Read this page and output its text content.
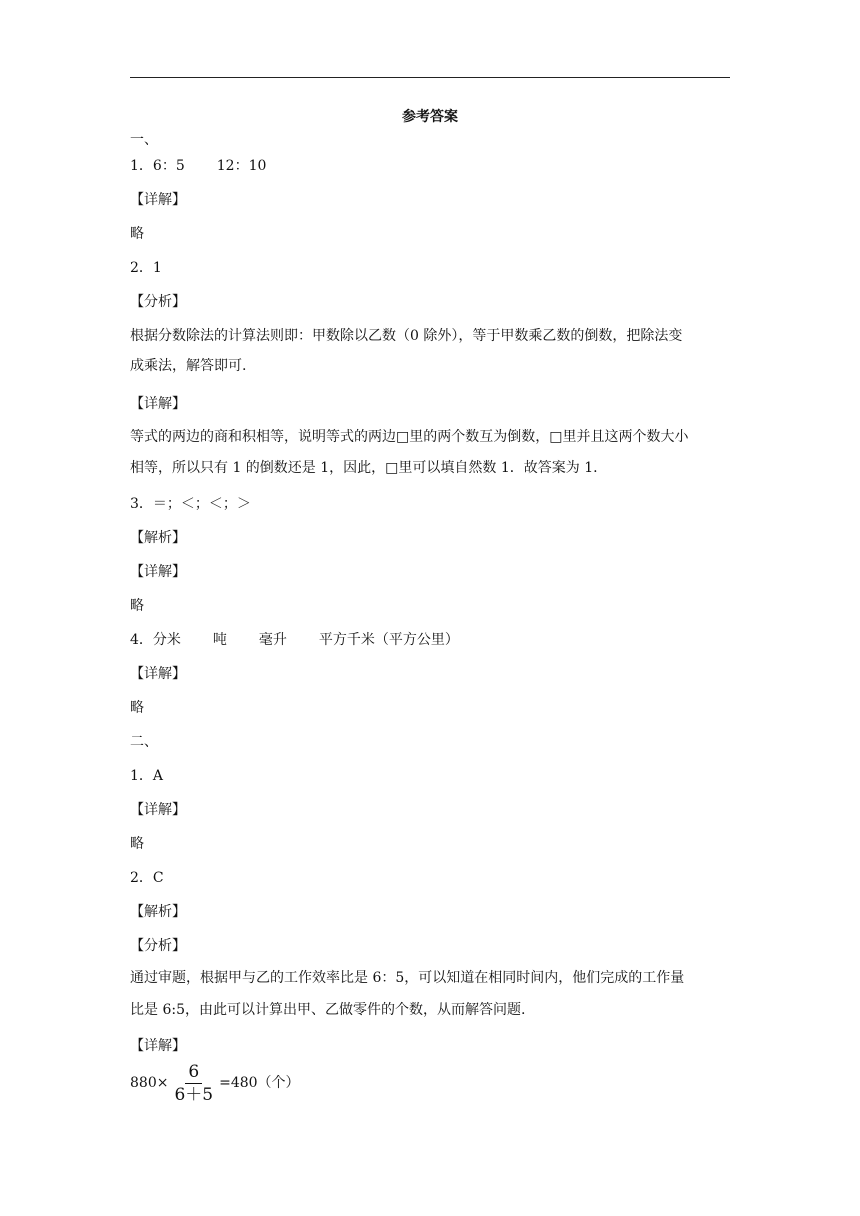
参考答案
一、
1．6：5 12：10
【详解】
略
2．1
【分析】
根据分数除法的计算法则即：甲数除以乙数（0 除外），等于甲数乘乙数的倒数，把除法变
成乘法，解答即可.
【详解】
等式的两边的商和积相等，说明等式的两边□里的两个数互为倒数，□里并且这两个数大小
相等，所以只有 1 的倒数还是 1，因此，□里可以填自然数 1．故答案为 1.
3．＝；＜；＜；＞
【解析】
【详解】
略
4．分米 吨 毫升 平方千米（平方公里）
【详解】
略
二、
1．A
【详解】
略
2．C
【解析】
【分析】
通过审题，根据甲与乙的工作效率比是 6：5，可以知道在相同时间内，他们完成的工作量
比是 6:5，由此可以计算出甲、乙做零件的个数，从而解答问题.
【详解】
$880\times \frac{6}{6+5} =480$（个）
